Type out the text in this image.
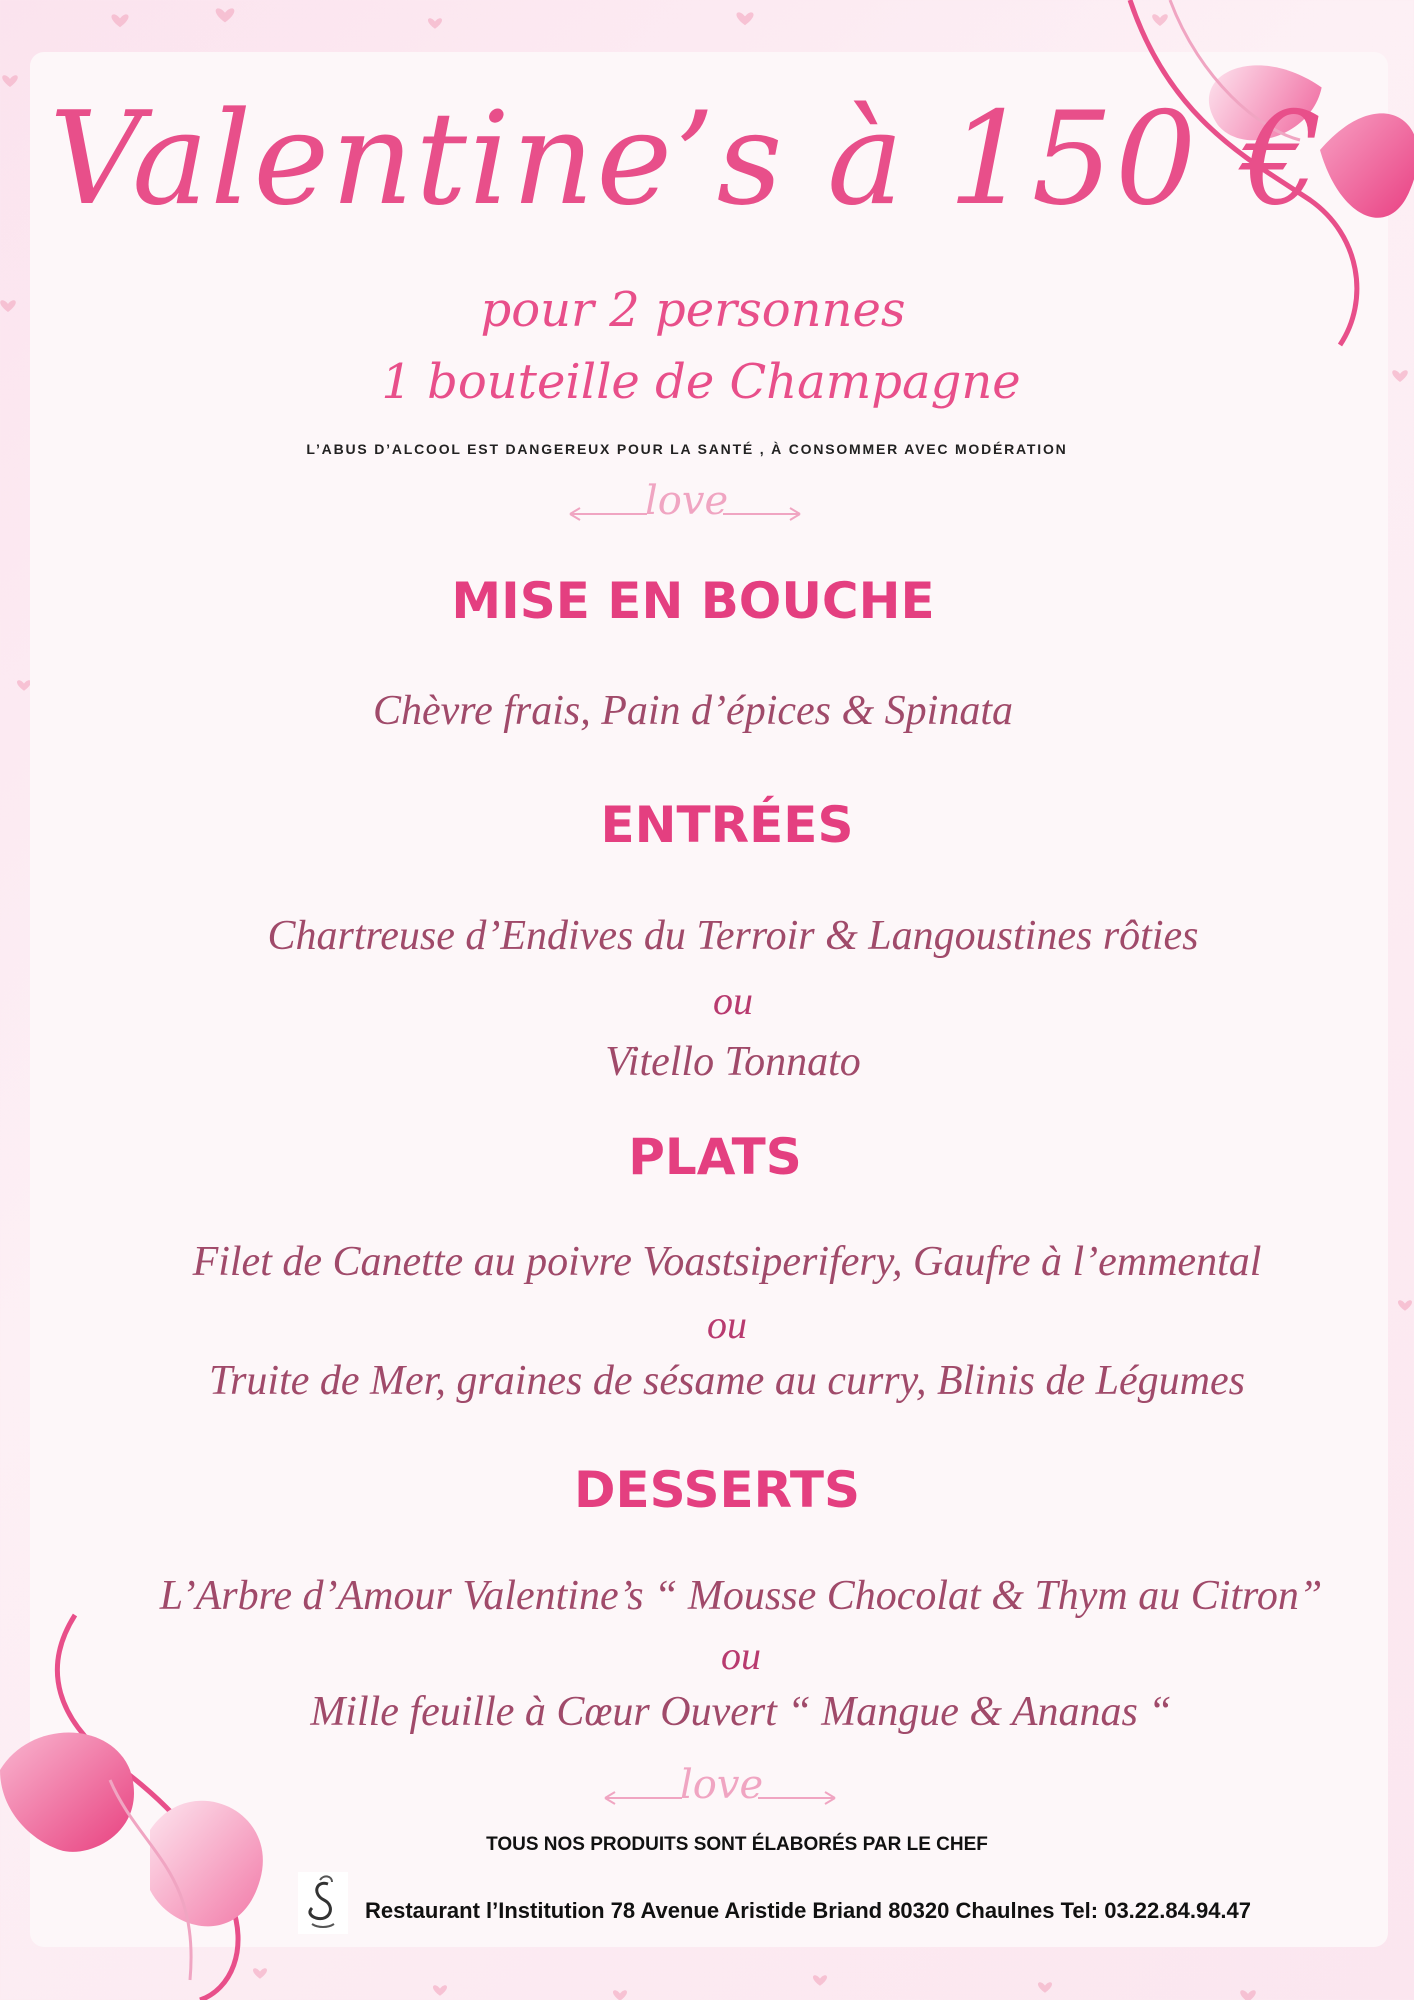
Valentine’s à 150 €
pour 2 personnes
1 bouteille de Champagne
L’ABUS D’ALCOOL EST DANGEREUX POUR LA SANTÉ , À CONSOMMER AVEC MODÉRATION
love
MISE EN BOUCHE
Chèvre frais, Pain d’épices & Spinata
ENTRÉES
Chartreuse d’Endives du Terroir & Langoustines rôties
ou
Vitello Tonnato
PLATS
Filet de Canette au poivre Voastsiperifery, Gaufre à l’emmental
ou
Truite de Mer, graines de sésame au curry, Blinis de Légumes
DESSERTS
L’Arbre d’Amour Valentine’s “ Mousse Chocolat & Thym au Citron”
ou
Mille feuille à Cœur Ouvert “ Mangue & Ananas “
love
TOUS NOS PRODUITS SONT ÉLABORÉS PAR LE CHEF
Restaurant l’Institution 78 Avenue Aristide Briand 80320 Chaulnes Tel: 03.22.84.94.47
